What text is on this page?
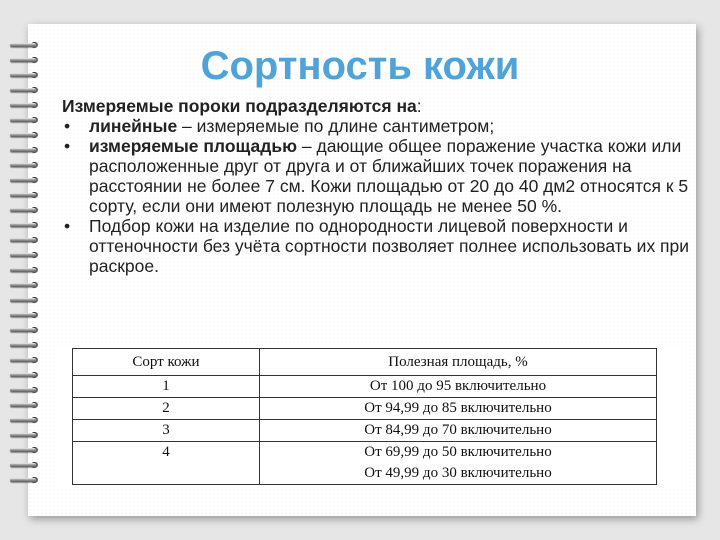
Сортность кожи

Измеряемые пороки подразделяются на:

• линейные – измеряемые по длине сантиметром;
• измеряемые площадью – дающие общее поражение участка кожи или расположенные друг от друга и от ближайших точек поражения на расстоянии не более 7 см. Кожи площадью от 20 до 40 дм2 относятся к 5 сорту, если они имеют полезную площадь не менее 50 %.
• Подбор кожи на изделие по однородности лицевой поверхности и оттеночности без учёта сортности позволяет полнее использовать их при раскрое.
Сорт кожи	Полезная площадь, %
1	От 100 до 95 включительно

2	От 94,99 до 85 включительно

3	От 84,99 до 70 включительно

4	От 69,99 до 50 включительно
От 49,99 до 30 включительно
